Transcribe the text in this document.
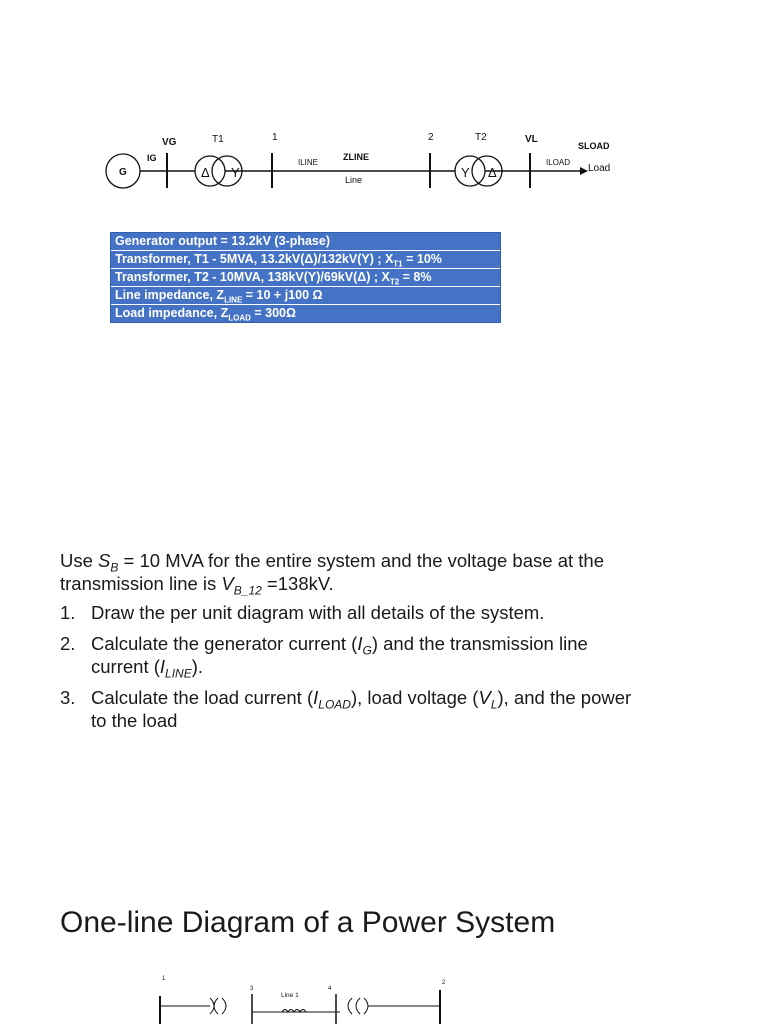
G
VG
IG
T1
Δ Y
1
ILINE
ZLINE
Line
2	T2
Y Δ
VL
ILOAD
SLOAD
Load
Generator output = 13.2kV (3-phase)
Transformer, T1 - 5MVA, 13.2kV(Δ)/132kV(Y) ; $X_{T1} = 10\%$
Transformer, T2 - 10MVA, 138kV(Y)/69kV(Δ) ; $X_{T2} = 8\%$
Line impedance, $Z_{LINE} = 10 + j100$ Ω
Load impedance, $Z_{LOAD} = 300\Omega$
Use $S_B = 10$ MVA for the entire system and the voltage base at the
transmission line is $V_{B\_12} =138kV$.
1. Draw the per unit diagram with all details of the system.
2. Calculate the generator current $(I_G)$ and the transmission line
current $(I_{LINE})$.
3. Calculate the load current $(I_{LOAD})$, load voltage $(V_L)$, and the power
to the load
One-line Diagram of a Power System
1
3
Line 1
4
2
